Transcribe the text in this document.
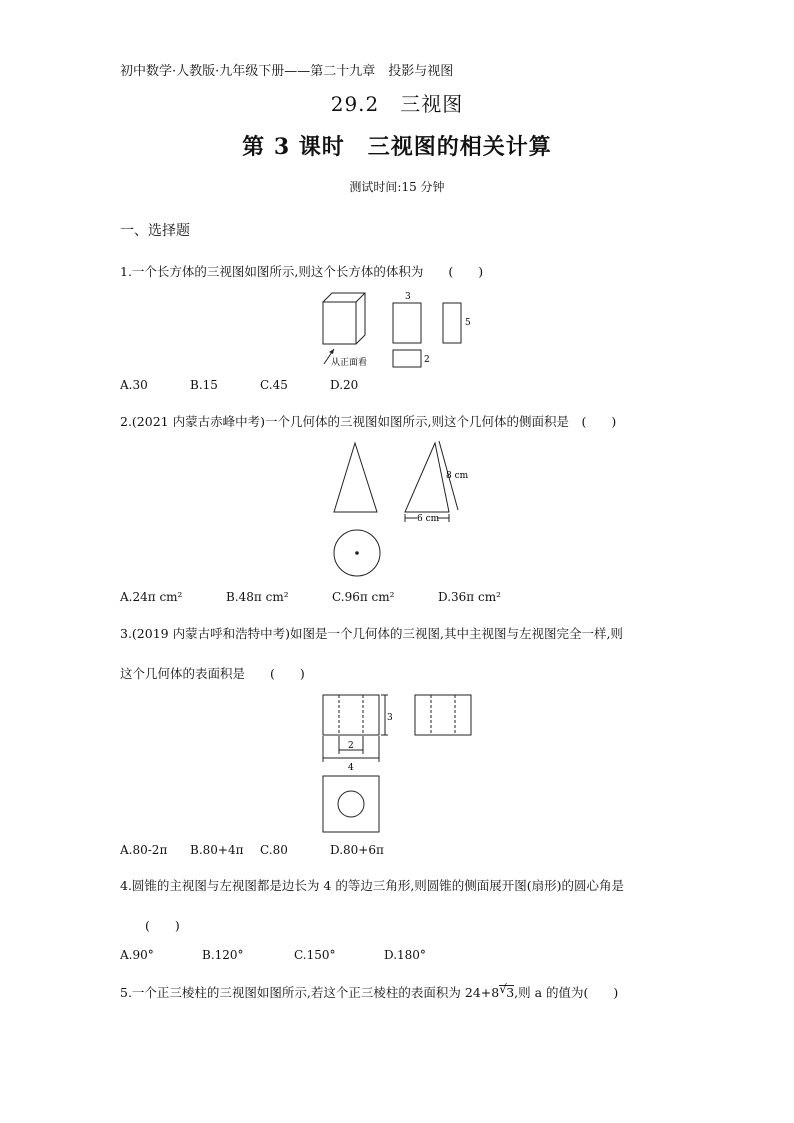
初中数学·人教版·九年级下册——第二十九章　投影与视图
29.2　三视图
第 3 课时　三视图的相关计算
测试时间:15 分钟
一、选择题
1.一个长方体的三视图如图所示,则这个长方体的体积为　　(　　)
3
5
2
从正面看
A.30	B.15	C.45	D.20
2.(2021 内蒙古赤峰中考)一个几何体的三视图如图所示,则这个几何体的侧面积是　(　　)
8 cm
6 cm
A.24π cm²	B.48π cm²	C.96π cm²	D.36π cm²
3.(2019 内蒙古呼和浩特中考)如图是一个几何体的三视图,其中主视图与左视图完全一样,则
这个几何体的表面积是　　(　　)
3
2
4
A.80-2π B.80+4π C.80	D.80+6π
4.圆锥的主视图与左视图都是边长为 4 的等边三角形,则圆锥的侧面展开图(扇形)的圆心角是
(　　)
A.90°	B.120°	C.150°	D.180°
5.一个正三棱柱的三视图如图所示,若这个正三棱柱的表面积为 24+8 √ 3,则 a 的值为(　　)
